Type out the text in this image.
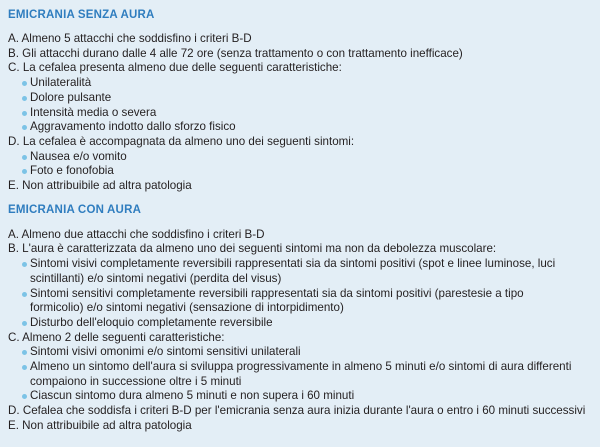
EMICRANIA SENZA AURA
A. Almeno 5 attacchi che soddisfino i criteri B-D
B. Gli attacchi durano dalle 4 alle 72 ore (senza trattamento o con trattamento inefficace)
C. La cefalea presenta almeno due delle seguenti caratteristiche:
Unilateralità
Dolore pulsante
Intensità media o severa
Aggravamento indotto dallo sforzo fisico
D. La cefalea è accompagnata da almeno uno dei seguenti sintomi:
Nausea e/o vomito
Foto e fonofobia
E. Non attribuibile ad altra patologia
EMICRANIA CON AURA
A. Almeno due attacchi che soddisfino i criteri B-D
B. L'aura è caratterizzata da almeno uno dei seguenti sintomi ma non da debolezza muscolare:
Sintomi visivi completamente reversibili rappresentati sia da sintomi positivi (spot e linee luminose, luci scintillanti) e/o sintomi negativi (perdita del visus)
Sintomi sensitivi completamente reversibili rappresentati sia da sintomi positivi (parestesie a tipo formicolio) e/o sintomi negativi (sensazione di intorpidimento)
Disturbo dell'eloquio completamente reversibile
C. Almeno 2 delle seguenti caratteristiche:
Sintomi visivi omonimi e/o sintomi sensitivi unilaterali
Almeno un sintomo dell'aura si sviluppa progressivamente in almeno 5 minuti e/o sintomi di aura differenti compaiono in successione oltre i 5 minuti
Ciascun sintomo dura almeno 5 minuti e non supera i 60 minuti
D. Cefalea che soddisfa i criteri B-D per l'emicrania senza aura inizia durante l'aura o entro i 60 minuti successivi
E. Non attribuibile ad altra patologia
